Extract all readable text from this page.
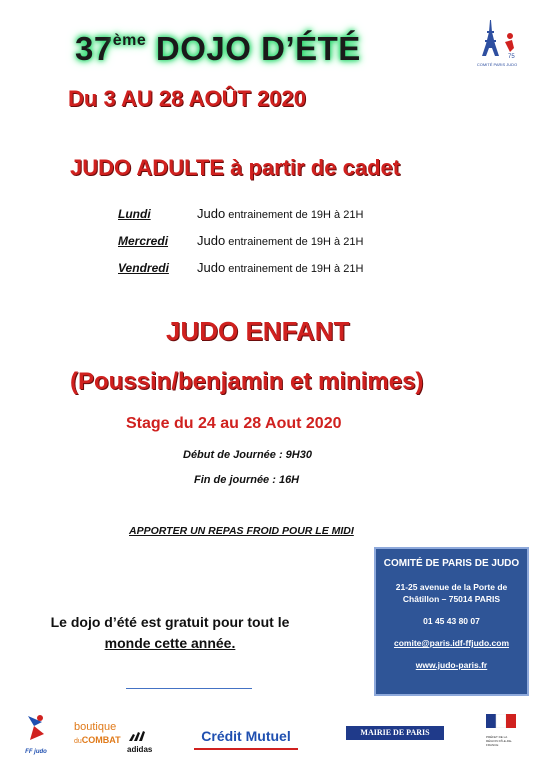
75
COMITÉ PARIS JUDO
37ème DOJO D’ÉTÉ
Du 3 AU 28 AOÛT 2020
JUDO ADULTE à partir de cadet
Lundi	Judo entrainement de 19H à 21H
Mercredi Judo entrainement de 19H à 21H
Vendredi Judo entrainement de 19H à 21H
JUDO ENFANT
(Poussin/benjamin et minimes)
Stage du 24 au 28 Aout 2020
Début de Journée : 9H30
Fin de journée : 16H
APPORTER UN REPAS FROID POUR LE MIDI
Le dojo d’été est gratuit pour tout le
monde cette année.
COMITÉ DE PARIS DE JUDO
21-25 avenue de la Porte de
Châtillon – 75014 PARIS
01 45 43 80 07
comite@paris.idf-ffjudo.com
www.judo-paris.fr
FF judo
boutique
duCOMBAT
adidas
Crédit Mutuel	MAIRIE DE PARIS	PRÉFET DE LA RÉGION D'ÎLE-DE-FRANCE
